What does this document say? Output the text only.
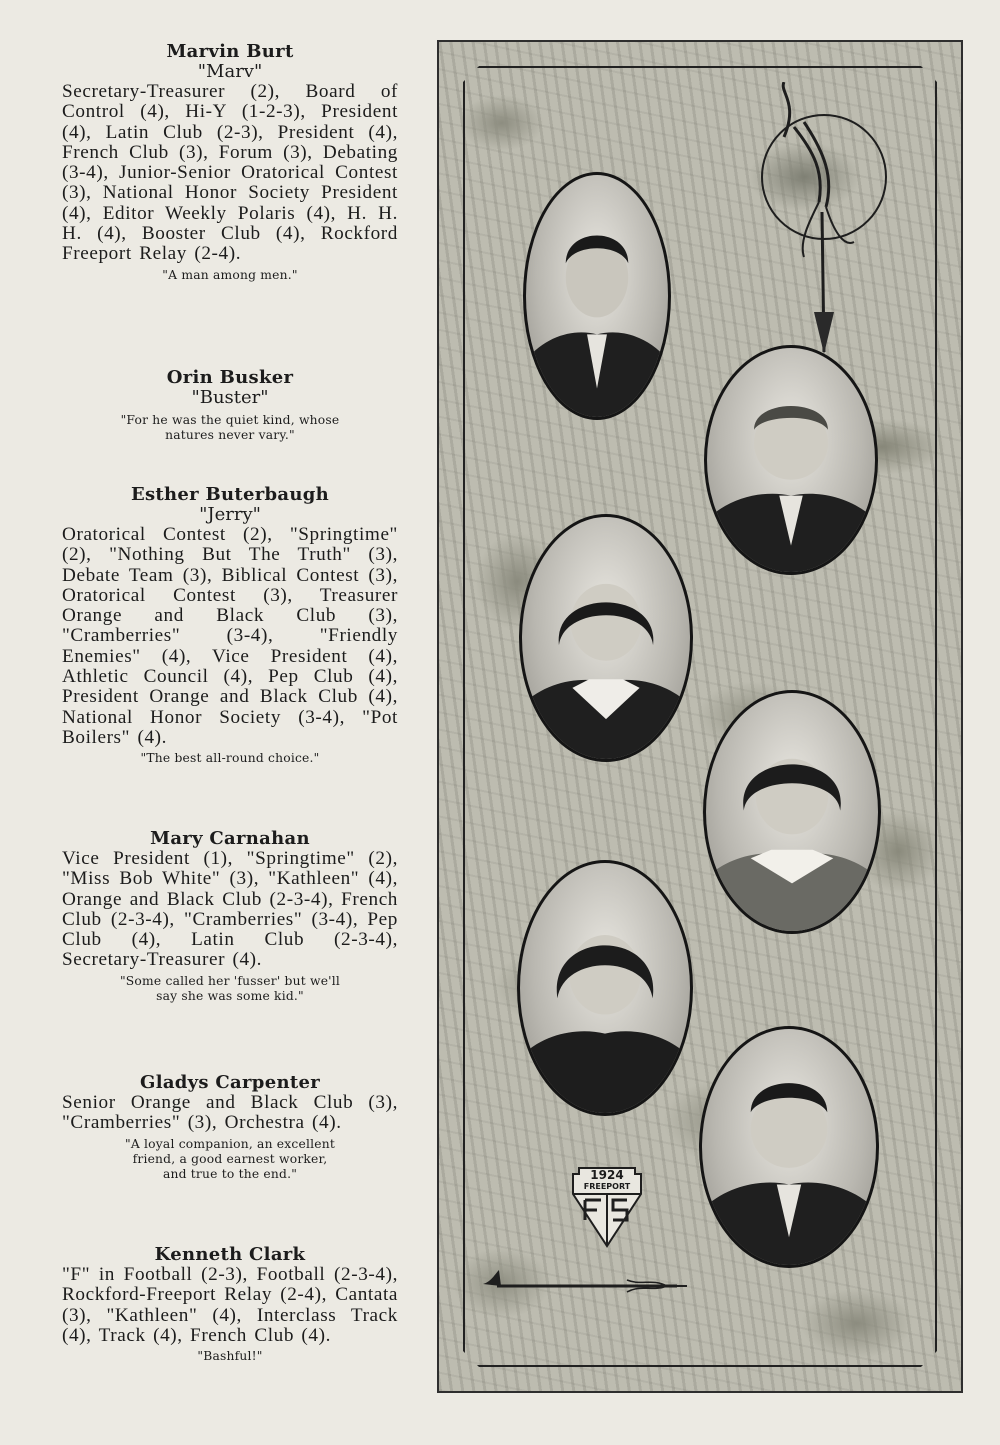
Marvin Burt
"Marv"
Secretary-Treasurer (2), Board of Control (4), Hi-Y (1-2-3), President (4), Latin Club (2-3), President (4), French Club (3), Forum (3), Debating (3-4), Junior-Senior Oratorical Contest (3), National Honor Society President (4), Editor Weekly Polaris (4), H. H. H. (4), Booster Club (4), Rockford Freeport Relay (2-4).
"A man among men."
Orin Busker
"Buster"
"For he was the quiet kind, whose
natures never vary."
Esther Buterbaugh
"Jerry"
Oratorical Contest (2), "Springtime" (2), "Nothing But The Truth" (3), Debate Team (3), Biblical Contest (3), Oratorical Contest (3), Treasurer Orange and Black Club (3), "Cramberries" (3-4), "Friendly Enemies" (4), Vice President (4), Athletic Council (4), Pep Club (4), President Orange and Black Club (4), National Honor Society (3-4), "Pot Boilers" (4).
"The best all-round choice."
Mary Carnahan
Vice President (1), "Springtime" (2), "Miss Bob White" (3), "Kathleen" (4), Orange and Black Club (2-3-4), French Club (2-3-4), "Cramberries" (3-4), Pep Club (4), Latin Club (2-3-4), Secretary-Treasurer (4).
"Some called her 'fusser' but we'll
say she was some kid."
Gladys Carpenter
Senior Orange and Black Club (3), "Cramberries" (3), Orchestra (4).
"A loyal companion, an excellent
friend, a good earnest worker,
and true to the end."
Kenneth Clark
"F" in Football (2-3), Football (2-3-4), Rockford-Freeport Relay (2-4), Cantata (3), "Kathleen" (4), Interclass Track (4), Track (4), French Club (4).
"Bashful!"
1924
FREEPORT
